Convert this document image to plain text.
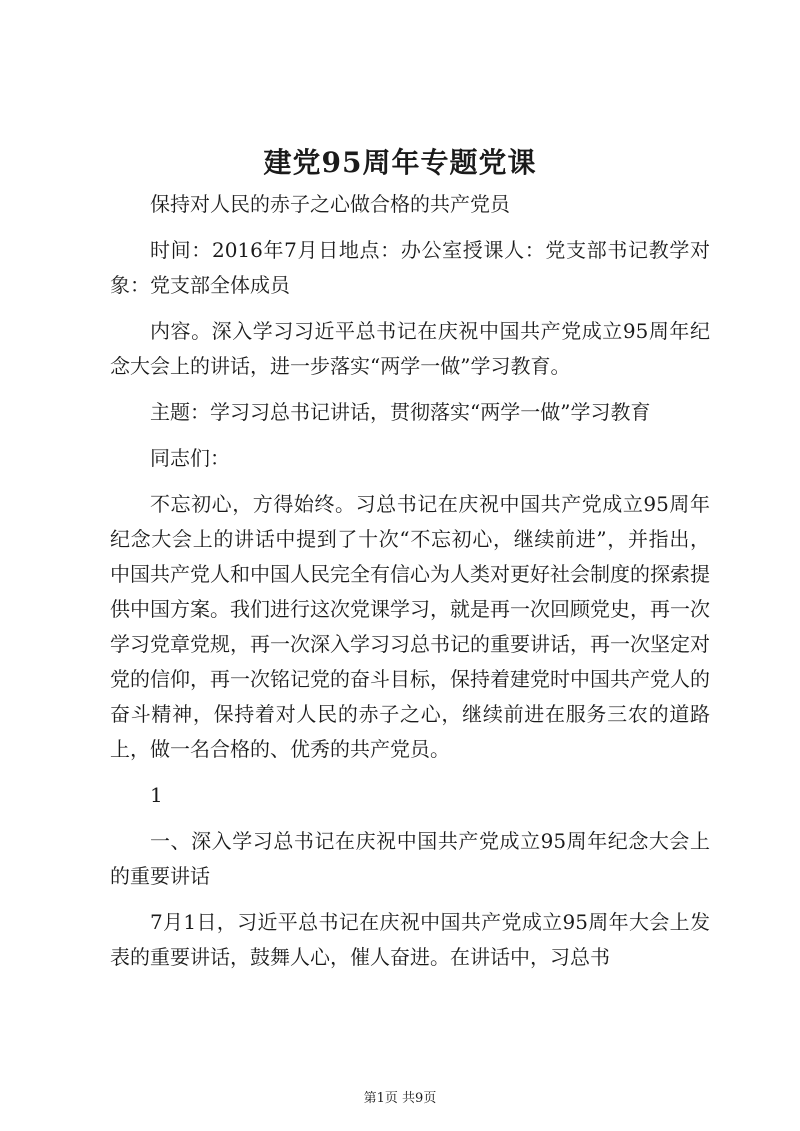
建党95周年专题党课

保持对人民的赤子之心做合格的共产党员

时间：2016年7月日地点：办公室授课人：党支部书记教学对象：党支部全体成员

内容。深入学习习近平总书记在庆祝中国共产党成立95周年纪念大会上的讲话，进一步落实“两学一做”学习教育。

主题：学习习总书记讲话，贯彻落实“两学一做”学习教育

同志们：

不忘初心，方得始终。习总书记在庆祝中国共产党成立95周年纪念大会上的讲话中提到了十次“不忘初心，继续前进”，并指出，中国共产党人和中国人民完全有信心为人类对更好社会制度的探索提供中国方案。我们进行这次党课学习，就是再一次回顾党史，再一次学习党章党规，再一次深入学习习总书记的重要讲话，再一次坚定对党的信仰，再一次铭记党的奋斗目标，保持着建党时中国共产党人的奋斗精神，保持着对人民的赤子之心，继续前进在服务三农的道路上，做一名合格的、优秀的共产党员。

1

一、深入学习总书记在庆祝中国共产党成立95周年纪念大会上的重要讲话

7月1日，习近平总书记在庆祝中国共产党成立95周年大会上发表的重要讲话，鼓舞人心，催人奋进。在讲话中，习总书

第1页 共9页
